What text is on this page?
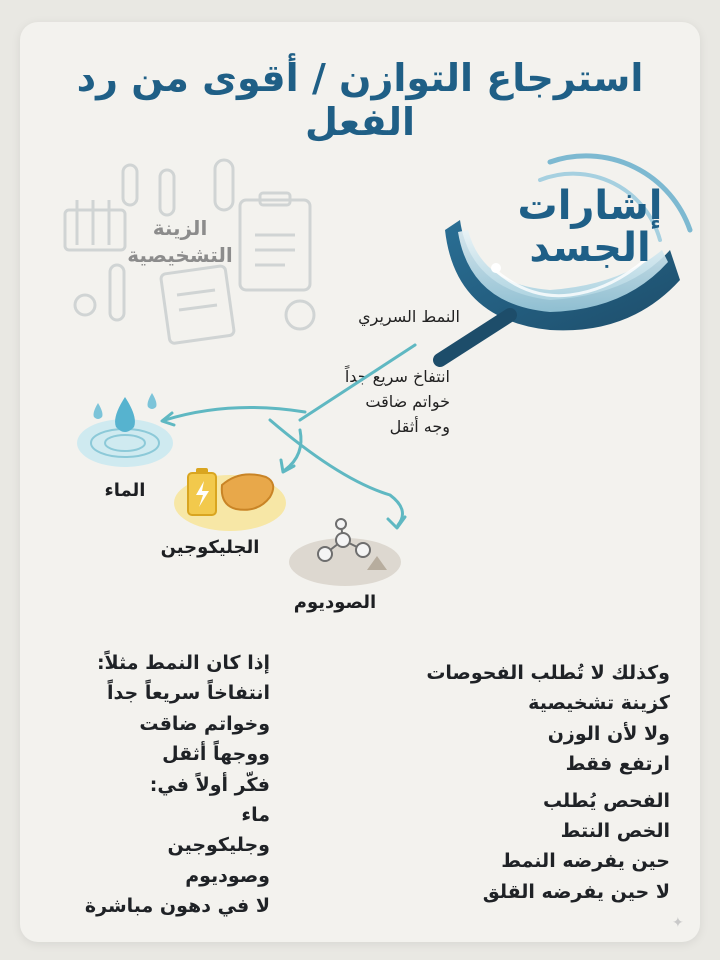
استرجاع التوازن / أقوى من رد الفعل
الزينة
التشخيصية
إشارات
الجسد
النمط السريري
انتفاخ سريع جداً
خواتم ضاقت
وجه أثقل
الماء
الجليكوجين
الصوديوم

إذا كان النمط مثلاً:

انتفاخاً سريعاً جداً

وخواتم ضاقت

ووجهاً أثقل

فكّر أولاً في:

ماء

وجليكوجين

وصوديوم

لا في دهون مباشرة

وكذلك لا تُطلب الفحوصات

كزينة تشخيصية

ولا لأن الوزن

ارتفع فقط

الفحص يُطلب

الخص النتط

حين يفرضه النمط

لا حين يفرضه القلق

✦
